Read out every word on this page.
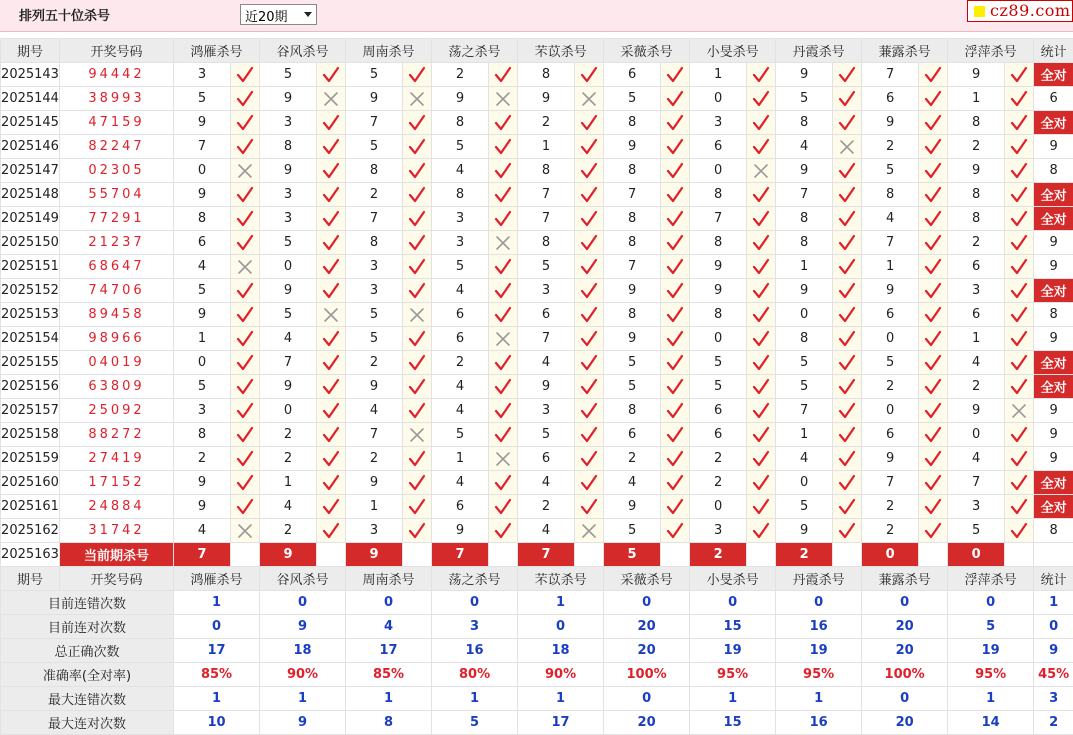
排列五十位杀号	近20期	cz89.com
期号	开奖号码	鸿雁杀号		谷风杀号		周南杀号		荡之杀号		芣苡杀号		采薇杀号		小旻杀号		丹霞杀号		蒹露杀号		浮萍杀号		统计
2025143	94442	3		5		5		2		8		6		1		9		7		9		全对
2025144	38993	5		9		9		9		9		5		0		5		6		1		6
2025145	47159	9		3		7		8		2		8		3		8		9		8		全对
2025146	82247	7		8		5		5		1		9		6		4		2		2		9
2025147	02305	0		9		8		4		8		8		0		9		5		9		8
2025148	55704	9		3		2		8		7		7		8		7		8		8		全对
2025149	77291	8		3		7		3		7		8		7		8		4		8		全对
2025150	21237	6		5		8		3		8		8		8		8		7		2		9
2025151	68647	4		0		3		5		5		7		9		1		1		6		9
2025152	74706	5		9		3		4		3		9		9		9		9		3		全对
2025153	89458	9		5		5		6		6		8		8		0		6		6		8
2025154	98966	1		4		5		6		7		9		0		8		0		1		9
2025155	04019	0		7		2		2		4		5		5		5		5		4		全对
2025156	63809	5		9		9		4		9		5		5		5		2		2		全对
2025157	25092	3		0		4		4		3		8		6		7		0		9		9
2025158	88272	8		2		7		5		5		6		6		1		6		0		9
2025159	27419	2		2		2		1		6		2		2		4		9		4		9
2025160	17152	9		1		9		4		4		4		2		0		7		7		全对
2025161	24884	9		4		1		6		2		9		0		5		2		3		全对
2025162	31742	4		2		3		9		4		5		3		9		2		5		8
2025163	当前期杀号	7		9		9		7		7		5		2		2		0		0		
期号	开奖号码	鸿雁杀号		谷风杀号		周南杀号		荡之杀号		芣苡杀号		采薇杀号		小旻杀号		丹霞杀号		蒹露杀号		浮萍杀号		统计
目前连错次数		1		0		0		0		1		0		0		0		0		0		1
目前连对次数		0		9		4		3		0		20		15		16		20		5		0
总正确次数		17		18		17		16		18		20		19		19		20		19		9
准确率(全对率)		85%		90%		85%		80%		90%		100%		95%		95%		100%		95%		45%
最大连错次数		1		1		1		1		1		0		1		1		0		1		3
最大连对次数		10		9		8		5		17		20		15		16		20		14		2
